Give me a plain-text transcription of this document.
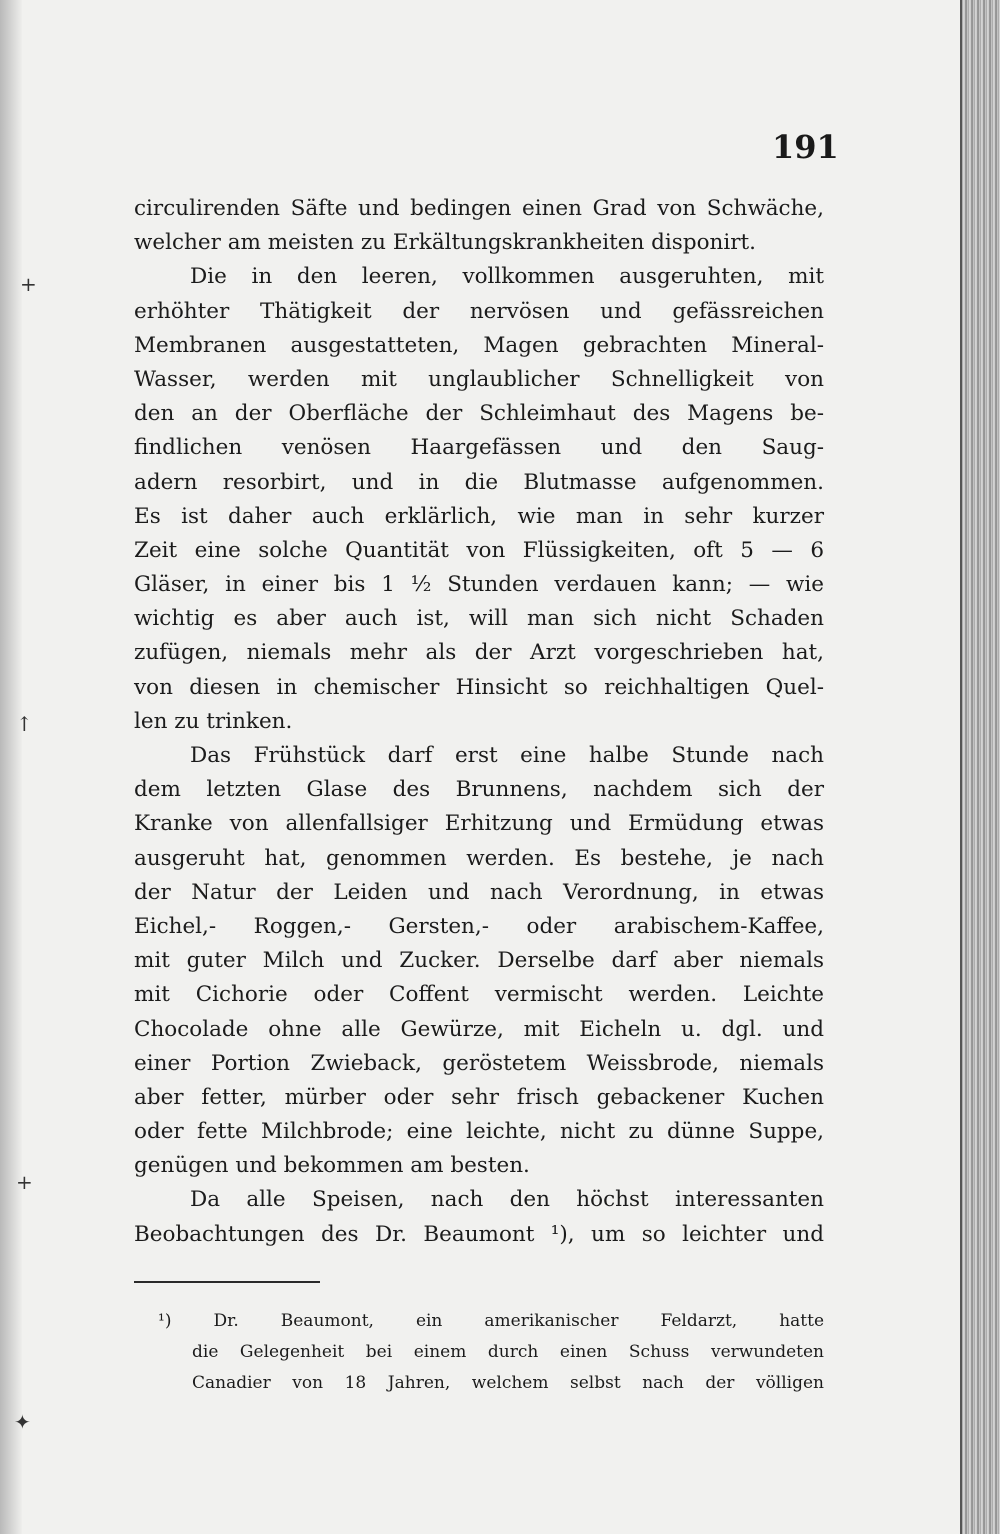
+
↑
+
✦
191
circulirenden Säfte und bedingen einen Grad von Schwäche,
welcher am meisten zu Erkältungskrankheiten disponirt.
Die in den leeren, vollkommen ausgeruhten, mit
erhöhter Thätigkeit der nervösen und gefässreichen
Membranen ausgestatteten, Magen gebrachten Mineral-
Wasser, werden mit unglaublicher Schnelligkeit von
den an der Oberfläche der Schleimhaut des Magens be-
findlichen venösen Haargefässen und den Saug-
adern resorbirt, und in die Blutmasse aufgenommen.
Es ist daher auch erklärlich, wie man in sehr kurzer
Zeit eine solche Quantität von Flüssigkeiten, oft 5 — 6
Gläser, in einer bis 1 ½ Stunden verdauen kann; — wie
wichtig es aber auch ist, will man sich nicht Schaden
zufügen, niemals mehr als der Arzt vorgeschrieben hat,
von diesen in chemischer Hinsicht so reichhaltigen Quel-
len zu trinken.
Das Frühstück darf erst eine halbe Stunde nach
dem letzten Glase des Brunnens, nachdem sich der
Kranke von allenfallsiger Erhitzung und Ermüdung etwas
ausgeruht hat, genommen werden. Es bestehe, je nach
der Natur der Leiden und nach Verordnung, in etwas
Eichel,- Roggen,- Gersten,- oder arabischem-Kaffee,
mit guter Milch und Zucker. Derselbe darf aber niemals
mit Cichorie oder Coffent vermischt werden. Leichte
Chocolade ohne alle Gewürze, mit Eicheln u. dgl. und
einer Portion Zwieback, geröstetem Weissbrode, niemals
aber fetter, mürber oder sehr frisch gebackener Kuchen
oder fette Milchbrode; eine leichte, nicht zu dünne Suppe,
genügen und bekommen am besten.
Da alle Speisen, nach den höchst interessanten
Beobachtungen des Dr. Beaumont ¹), um so leichter und
¹) Dr. Beaumont, ein amerikanischer Feldarzt, hatte
die Gelegenheit bei einem durch einen Schuss verwundeten
Canadier von 18 Jahren, welchem selbst nach der völligen
